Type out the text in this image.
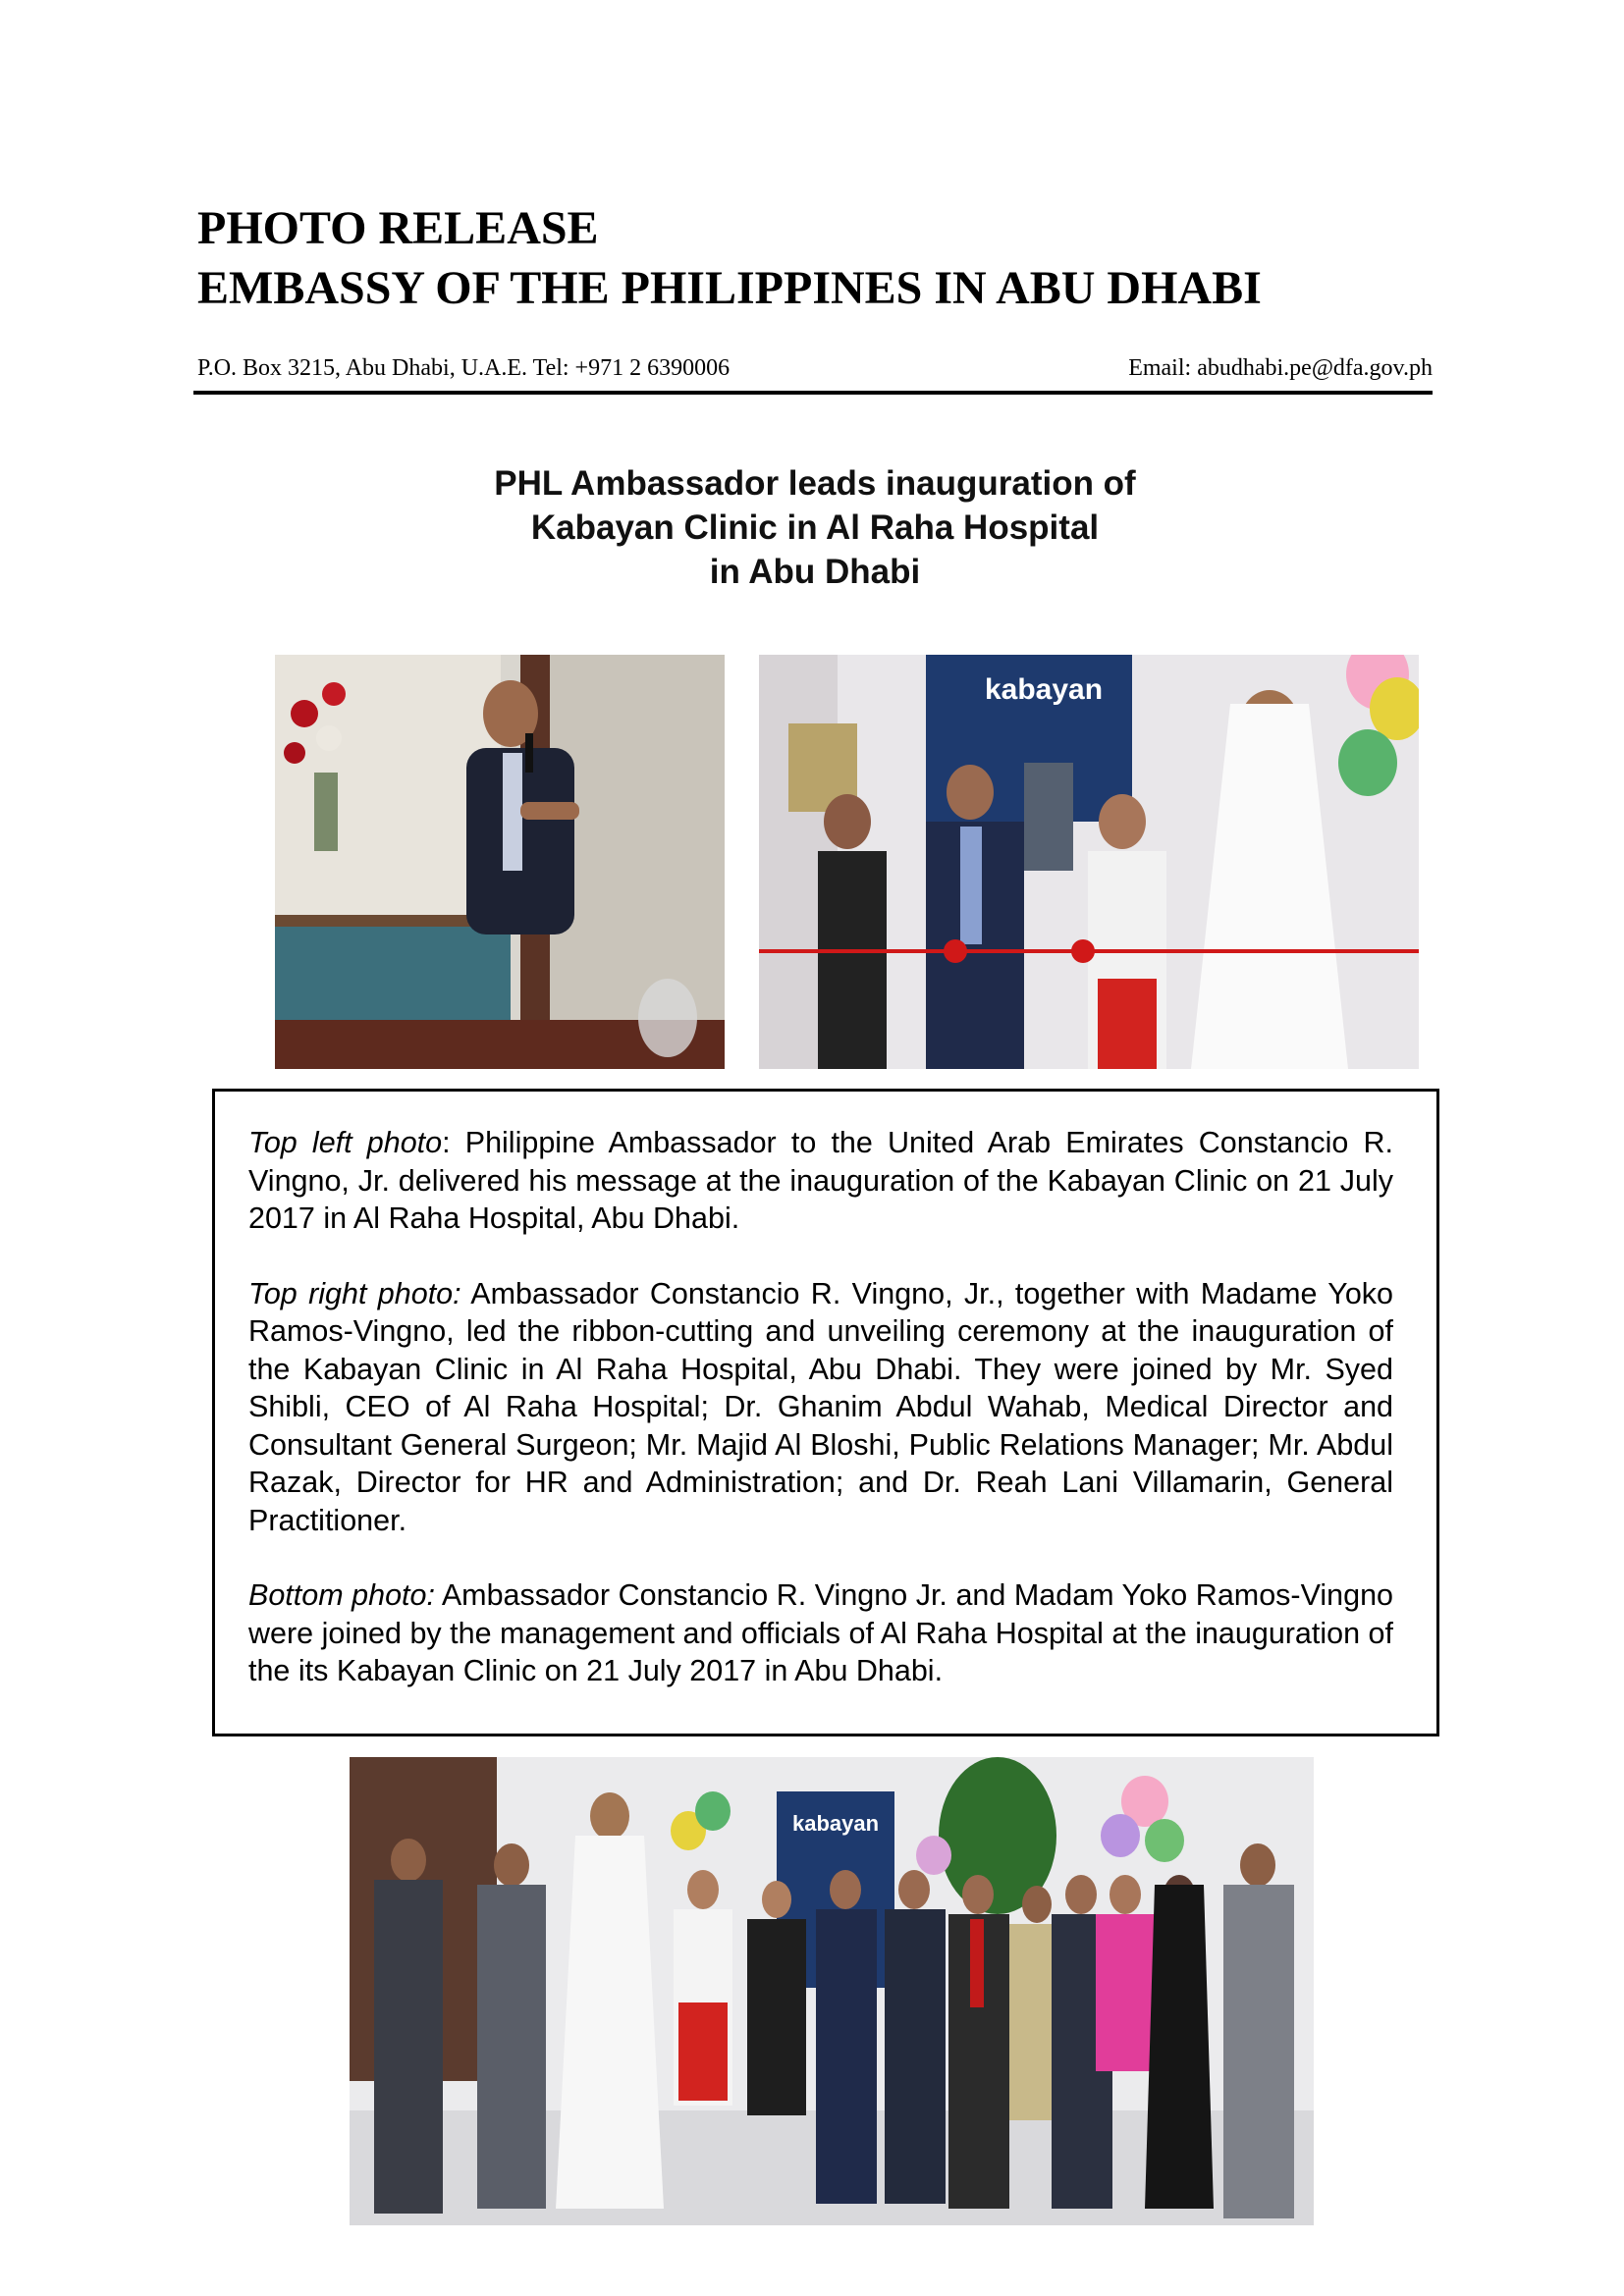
PHOTO RELEASE
EMBASSY OF THE PHILIPPINES IN ABU DHABI
P.O. Box 3215, Abu Dhabi, U.A.E. Tel: +971 2 6390006	Email: abudhabi.pe@dfa.gov.ph
PHL Ambassador leads inauguration of
Kabayan Clinic in Al Raha Hospital
in Abu Dhabi
kabayan

Top left photo: Philippine Ambassador to the United Arab Emirates Constancio R. Vingno, Jr. delivered his message at the inauguration of the Kabayan Clinic on 21 July 2017 in Al Raha Hospital, Abu Dhabi.

Top right photo: Ambassador Constancio R. Vingno, Jr., together with Madame Yoko Ramos-Vingno, led the ribbon-cutting and unveiling ceremony at the inauguration of the Kabayan Clinic in Al Raha Hospital, Abu Dhabi. They were joined by Mr. Syed Shibli, CEO of Al Raha Hospital; Dr. Ghanim Abdul Wahab, Medical Director and Consultant General Surgeon; Mr. Majid Al Bloshi, Public Relations Manager; Mr. Abdul Razak, Director for HR and Administration; and Dr. Reah Lani Villamarin, General Practitioner.

Bottom photo: Ambassador Constancio R. Vingno Jr. and Madam Yoko Ramos-Vingno were joined by the management and officials of Al Raha Hospital at the inauguration of the its Kabayan Clinic on 21 July 2017 in Abu Dhabi.

kabayan
